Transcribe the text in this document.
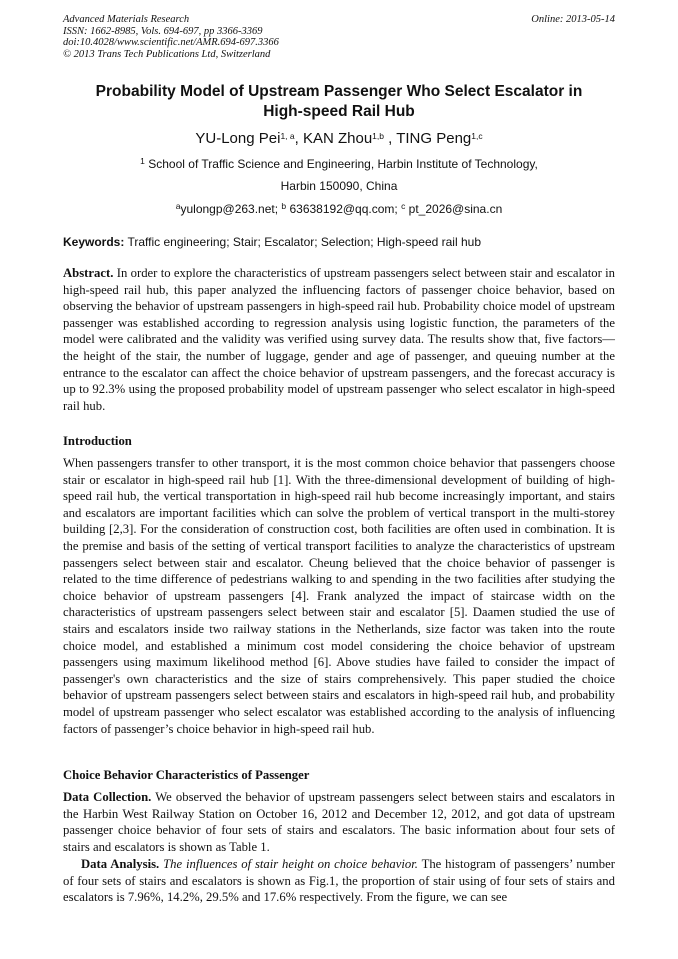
Advanced Materials Research
ISSN: 1662-8985, Vols. 694-697, pp 3366-3369
doi:10.4028/www.scientific.net/AMR.694-697.3366
© 2013 Trans Tech Publications Ltd, Switzerland
Online: 2013-05-14
Probability Model of Upstream Passenger Who Select Escalator in
High-speed Rail Hub
YU-Long Pei$^{1, a}$, KAN Zhou$^{1,b}$ , TING Peng$^{1,c}$
$^1$ School of Traffic Science and Engineering, Harbin Institute of Technology,
Harbin 150090, China
$^a$yulongp@263.net; $^b$ 63638192@qq.com; $^c$ pt_2026@sina.cn
Keywords: Traffic engineering; Stair; Escalator; Selection; High-speed rail hub
Abstract. In order to explore the characteristics of upstream passengers select between stair and escalator in high-speed rail hub, this paper analyzed the influencing factors of passenger choice behavior, based on observing the behavior of upstream passengers in high-speed rail hub. Probability choice model of upstream passenger was established according to regression analysis using logistic function, the parameters of the model were calibrated and the validity was verified using survey data. The results show that, five factors—the height of the stair, the number of luggage, gender and age of passenger, and queuing number at the entrance to the escalator can affect the choice behavior of upstream passengers, and the forecast accuracy is up to 92.3% using the proposed probability model of upstream passenger who select escalator in high-speed rail hub.
Introduction
When passengers transfer to other transport, it is the most common choice behavior that passengers choose stair or escalator in high-speed rail hub [1]. With the three-dimensional development of building of high-speed rail hub, the vertical transportation in high-speed rail hub become increasingly important, and stairs and escalators are important facilities which can solve the problem of vertical transport in the multi-storey building [2,3]. For the consideration of construction cost, both facilities are often used in combination. It is the premise and basis of the setting of vertical transport facilities to analyze the characteristics of upstream passengers select between stair and escalator. Cheung believed that the choice behavior of passenger is related to the time difference of pedestrians walking to and spending in the two facilities after studying the choice behavior of upstream passengers [4]. Frank analyzed the impact of staircase width on the characteristics of upstream passengers select between stair and escalator [5]. Daamen studied the use of stairs and escalators inside two railway stations in the Netherlands, size factor was taken into the route choice model, and established a minimum cost model considering the choice behavior of upstream passengers using maximum likelihood method [6]. Above studies have failed to consider the impact of passenger's own characteristics and the size of stairs comprehensively. This paper studied the choice behavior of upstream passengers select between stairs and escalators in high-speed rail hub, and probability model of upstream passenger who select escalator was established according to the analysis of influencing factors of passenger’s choice behavior in high-speed rail hub.
Choice Behavior Characteristics of Passenger
Data Collection. We observed the behavior of upstream passengers select between stairs and escalators in the Harbin West Railway Station on October 16, 2012 and December 12, 2012, and got data of upstream passenger choice behavior of four sets of stairs and escalators. The basic information about four sets of stairs and escalators is shown as Table 1.
Data Analysis. The influences of stair height on choice behavior. The histogram of passengers’ number of four sets of stairs and escalators is shown as Fig.1, the proportion of stair using of four sets of stairs and escalators is 7.96%, 14.2%, 29.5% and 17.6% respectively. From the figure, we can see
